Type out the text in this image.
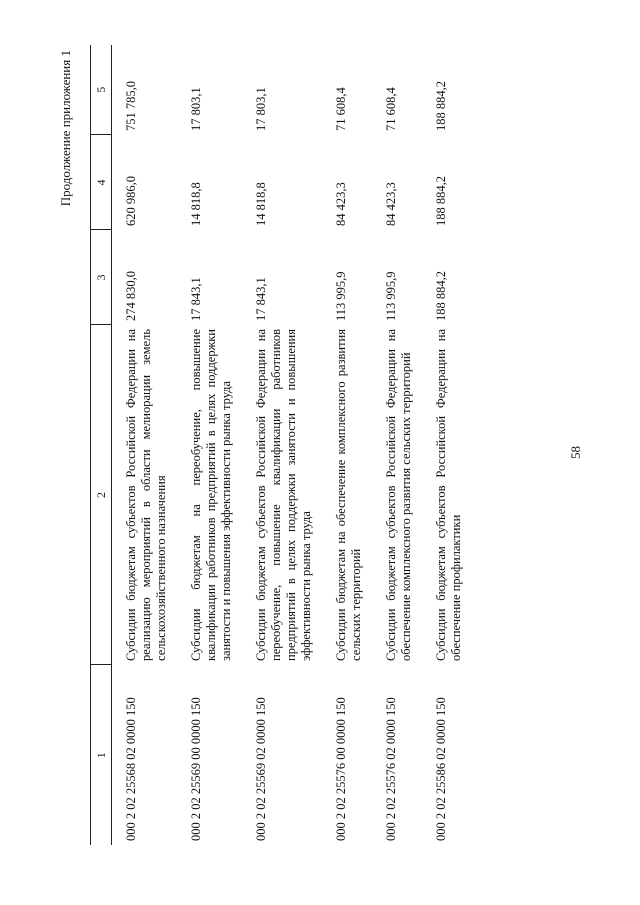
58
Продолжение приложения 1
1	2	3	4	5
000 2 02 25568 02 0000 150	Субсидии бюджетам субъектов Российской Федерации на реализацию мероприятий в области мелиорации земель сельскохозяйственного назначения	274 830,0	620 986,0	751 785,0
000 2 02 25569 00 0000 150	Субсидии бюджетам на переобучение, повышение квалификации работников предприятий в целях поддержки занятости и повышения эффективности рынка труда	17 843,1	14 818,8	17 803,1
000 2 02 25569 02 0000 150	Субсидии бюджетам субъектов Российской Федерации на переобучение, повышение квалификации работников предприятий в целях поддержки занятости и повышения эффективности рынка труда	17 843,1	14 818,8	17 803,1
000 2 02 25576 00 0000 150	Субсидии бюджетам на обеспечение комплексного развития сельских территорий	113 995,9	84 423,3	71 608,4
000 2 02 25576 02 0000 150	Субсидии бюджетам субъектов Российской Федерации на обеспечение комплексного развития сельских территорий	113 995,9	84 423,3	71 608,4
000 2 02 25586 02 0000 150	Субсидии бюджетам субъектов Российской Федерации на обеспечение профилактики	188 884,2	188 884,2	188 884,2
